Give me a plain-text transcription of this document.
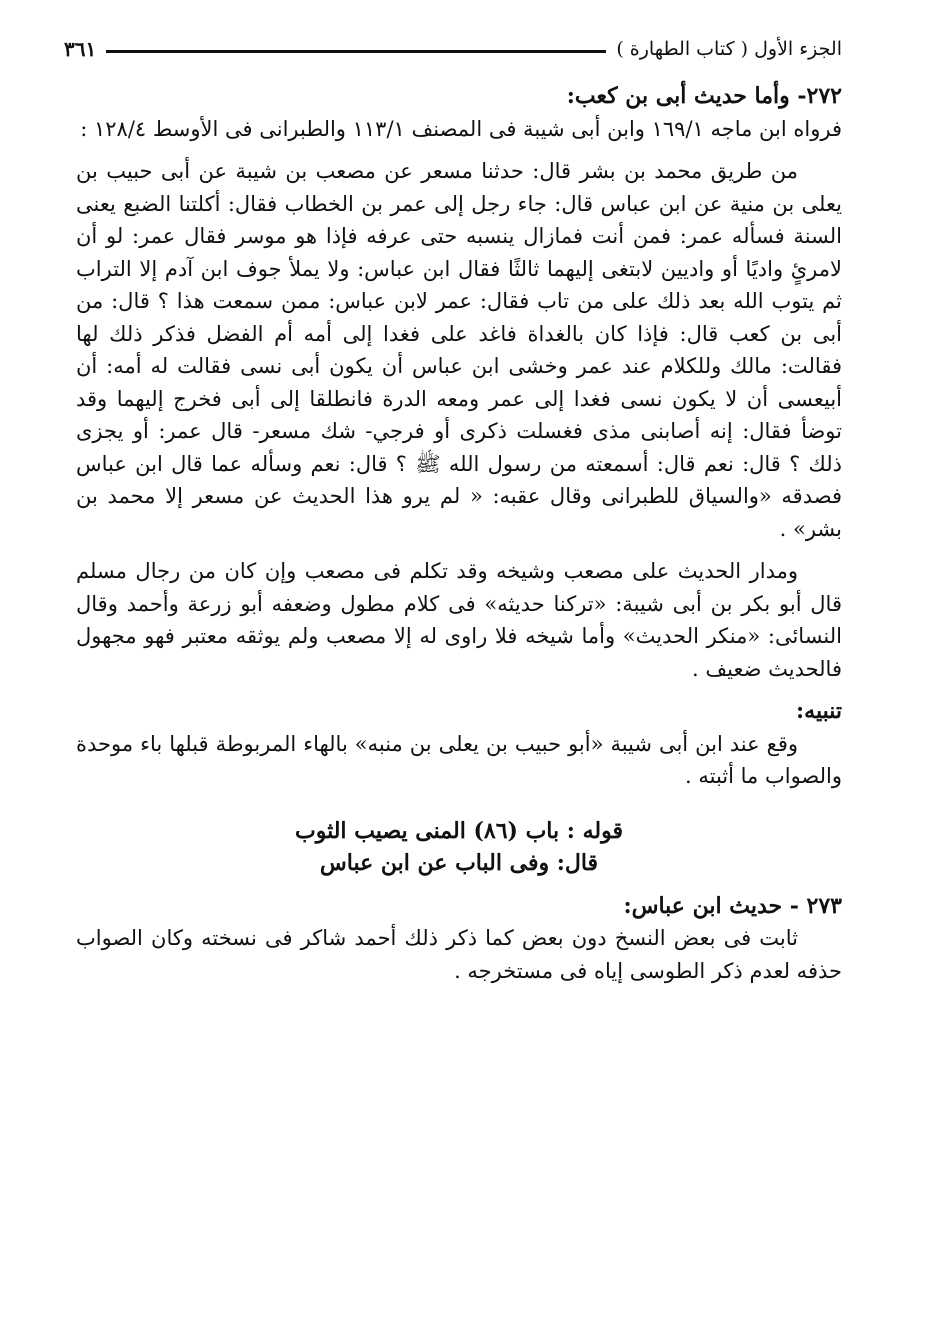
الجزء الأول ( كتاب الطهارة )
٣٦١

٢٧٢- وأما حديث أبى بن كعب:

فرواه ابن ماجه ١٦٩/١ وابن أبى شيبة فى المصنف ١١٣/١ والطبرانى فى الأوسط ١٢٨/٤ :

من طريق محمد بن بشر قال: حدثنا مسعر عن مصعب بن شيبة عن أبى حبيب بن يعلى بن منية عن ابن عباس قال: جاء رجل إلى عمر بن الخطاب فقال: أكلتنا الضبع يعنى السنة فسأله عمر: فمن أنت فمازال ينسبه حتى عرفه فإذا هو موسر فقال عمر: لو أن لامرئٍ واديًا أو واديين لابتغى إليهما ثالثًا فقال ابن عباس: ولا يملأ جوف ابن آدم إلا التراب ثم يتوب الله بعد ذلك على من تاب فقال: عمر لابن عباس: ممن سمعت هذا ؟ قال: من أبى بن كعب قال: فإذا كان بالغداة فاغد على فغدا إلى أمه أم الفضل فذكر ذلك لها فقالت: مالك وللكلام عند عمر وخشى ابن عباس أن يكون أبى نسى فقالت له أمه: أن أبيعسى أن لا يكون نسى فغدا إلى عمر ومعه الدرة فانطلقا إلى أبى فخرج إليهما وقد توضأ فقال: إنه أصابنى مذى فغسلت ذكرى أو فرجي- شك مسعر- قال عمر: أو يجزى ذلك ؟ قال: نعم قال: أسمعته من رسول الله ﷺ ؟ قال: نعم وسأله عما قال ابن عباس فصدقه «والسياق للطبرانى وقال عقبه: « لم يرو هذا الحديث عن مسعر إلا محمد بن بشر» .

ومدار الحديث على مصعب وشيخه وقد تكلم فى مصعب وإن كان من رجال مسلم قال أبو بكر بن أبى شيبة: «تركنا حديثه» فى كلام مطول وضعفه أبو زرعة وأحمد وقال النسائى: «منكر الحديث» وأما شيخه فلا راوى له إلا مصعب ولم يوثقه معتبر فهو مجهول فالحديث ضعيف .

تنبيه:

وقع عند ابن أبى شيبة «أبو حبيب بن يعلى بن منبه» بالهاء المربوطة قبلها باء موحدة والصواب ما أثبته .

قوله : باب (٨٦) المنى يصيب الثوب

قال: وفى الباب عن ابن عباس

٢٧٣ - حديث ابن عباس:

ثابت فى بعض النسخ دون بعض كما ذكر ذلك أحمد شاكر فى نسخته وكان الصواب حذفه لعدم ذكر الطوسى إياه فى مستخرجه .
